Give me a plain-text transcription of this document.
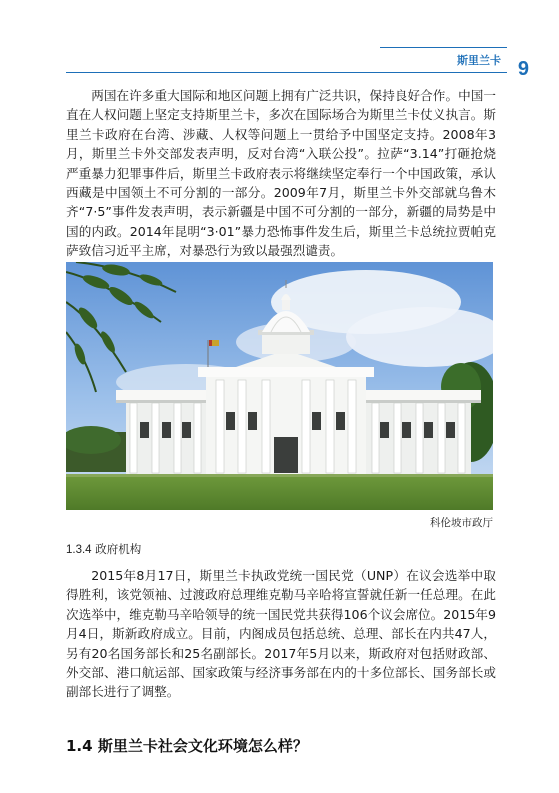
斯里兰卡 9

两国在许多重大国际和地区问题上拥有广泛共识，保持良好合作。中国一直在人权问题上坚定支持斯里兰卡，多次在国际场合为斯里兰卡仗义执言。斯里兰卡政府在台湾、涉藏、人权等问题上一贯给予中国坚定支持。2008年3月，斯里兰卡外交部发表声明，反对台湾“入联公投”。拉萨“3.14”打砸抢烧严重暴力犯罪事件后，斯里兰卡政府表示将继续坚定奉行一个中国政策，承认西藏是中国领土不可分割的一部分。2009年7月，斯里兰卡外交部就乌鲁木齐“7·5”事件发表声明，表示新疆是中国不可分割的一部分，新疆的局势是中国的内政。2014年昆明“3·01”暴力恐怖事件发生后，斯里兰卡总统拉贾帕克萨致信习近平主席，对暴恐行为致以最强烈谴责。

科伦坡市政厅
1.3.4 政府机构

2015年8月17日，斯里兰卡执政党统一国民党（UNP）在议会选举中取得胜利，该党领袖、过渡政府总理维克勒马辛哈将宣誓就任新一任总理。在此次选举中，维克勒马辛哈领导的统一国民党共获得106个议会席位。2015年9月4日，斯新政府成立。目前，内阁成员包括总统、总理、部长在内共47人，另有20名国务部长和25名副部长。2017年5月以来，斯政府对包括财政部、外交部、港口航运部、国家政策与经济事务部在内的十多位部长、国务部长或副部长进行了调整。

1.4 斯里兰卡社会文化环境怎么样？
